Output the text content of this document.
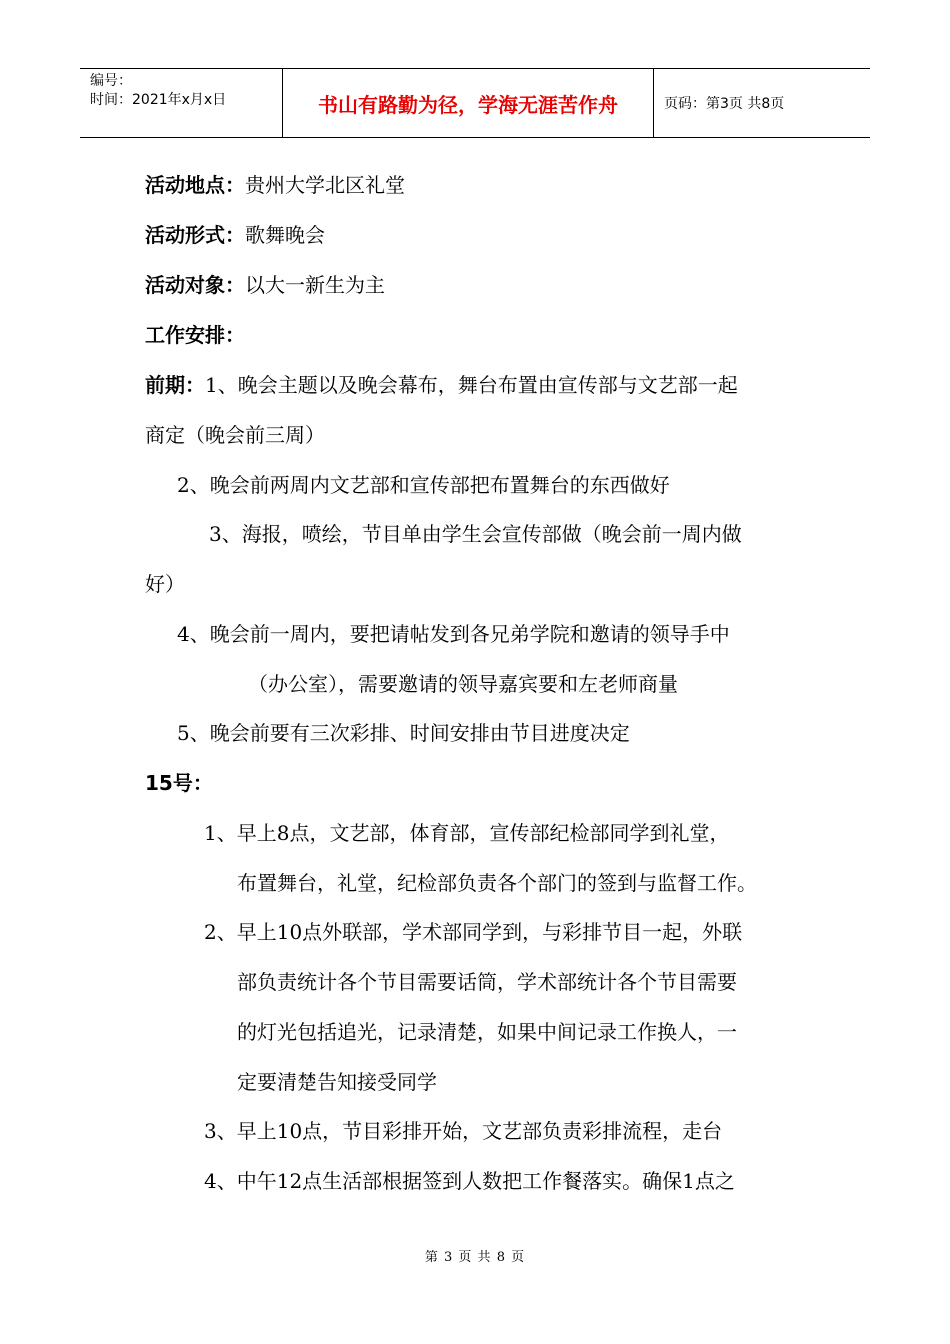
编号：
时间：2021年x月x日	书山有路勤为径，学海无涯苦作舟	页码：第3页 共8页
活动地点：贵州大学北区礼堂
活动形式：歌舞晚会
活动对象：以大一新生为主
工作安排：
前期：1、晚会主题以及晚会幕布，舞台布置由宣传部与文艺部一起
商定（晚会前三周）
2、晚会前两周内文艺部和宣传部把布置舞台的东西做好
3、海报，喷绘，节目单由学生会宣传部做（晚会前一周内做
好）
4、晚会前一周内，要把请帖发到各兄弟学院和邀请的领导手中
（办公室），需要邀请的领导嘉宾要和左老师商量
5、晚会前要有三次彩排、时间安排由节目进度决定
15号：
1、早上8点，文艺部，体育部，宣传部纪检部同学到礼堂，
布置舞台，礼堂，纪检部负责各个部门的签到与监督工作。
2、早上10点外联部，学术部同学到，与彩排节目一起，外联
部负责统计各个节目需要话筒，学术部统计各个节目需要
的灯光包括追光，记录清楚，如果中间记录工作换人，一
定要清楚告知接受同学
3、早上10点，节目彩排开始，文艺部负责彩排流程，走台
4、中午12点生活部根据签到人数把工作餐落实。确保1点之
第 3 页 共 8 页
